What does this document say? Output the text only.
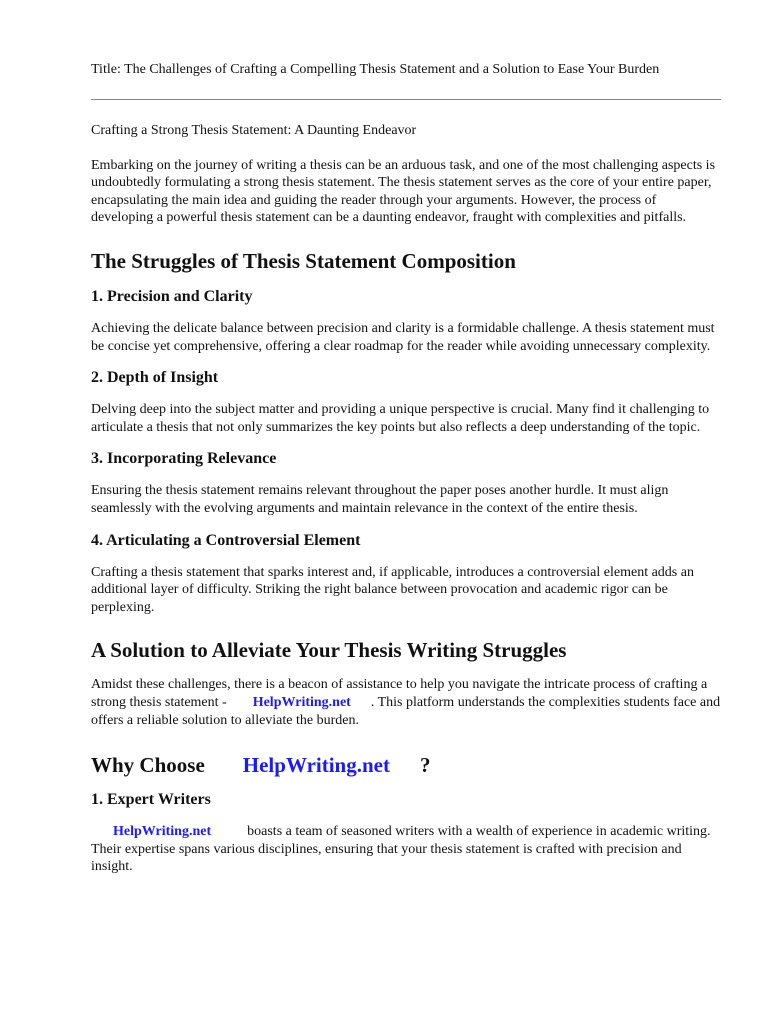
Title: The Challenges of Crafting a Compelling Thesis Statement and a Solution to Ease Your Burden

Crafting a Strong Thesis Statement: A Daunting Endeavor

Embarking on the journey of writing a thesis can be an arduous task, and one of the most challenging aspects is undoubtedly formulating a strong thesis statement. The thesis statement serves as the core of your entire paper, encapsulating the main idea and guiding the reader through your arguments. However, the process of developing a powerful thesis statement can be a daunting endeavor, fraught with complexities and pitfalls.

The Struggles of Thesis Statement Composition
1. Precision and Clarity

Achieving the delicate balance between precision and clarity is a formidable challenge. A thesis statement must be concise yet comprehensive, offering a clear roadmap for the reader while avoiding unnecessary complexity.

2. Depth of Insight

Delving deep into the subject matter and providing a unique perspective is crucial. Many find it challenging to articulate a thesis that not only summarizes the key points but also reflects a deep understanding of the topic.

3. Incorporating Relevance

Ensuring the thesis statement remains relevant throughout the paper poses another hurdle. It must align seamlessly with the evolving arguments and maintain relevance in the context of the entire thesis.

4. Articulating a Controversial Element

Crafting a thesis statement that sparks interest and, if applicable, introduces a controversial element adds an additional layer of difficulty. Striking the right balance between provocation and academic rigor can be perplexing.

A Solution to Alleviate Your Thesis Writing Struggles

Amidst these challenges, there is a beacon of assistance to help you navigate the intricate process of crafting a strong thesis statement - HelpWriting.net . This platform understands the complexities students face and offers a reliable solution to alleviate the burden.

Why Choose HelpWriting.net ?
1. Expert Writers

HelpWriting.net	boasts a team of seasoned writers with a wealth of experience in academic writing. Their expertise spans various disciplines, ensuring that your thesis statement is crafted with precision and insight.
